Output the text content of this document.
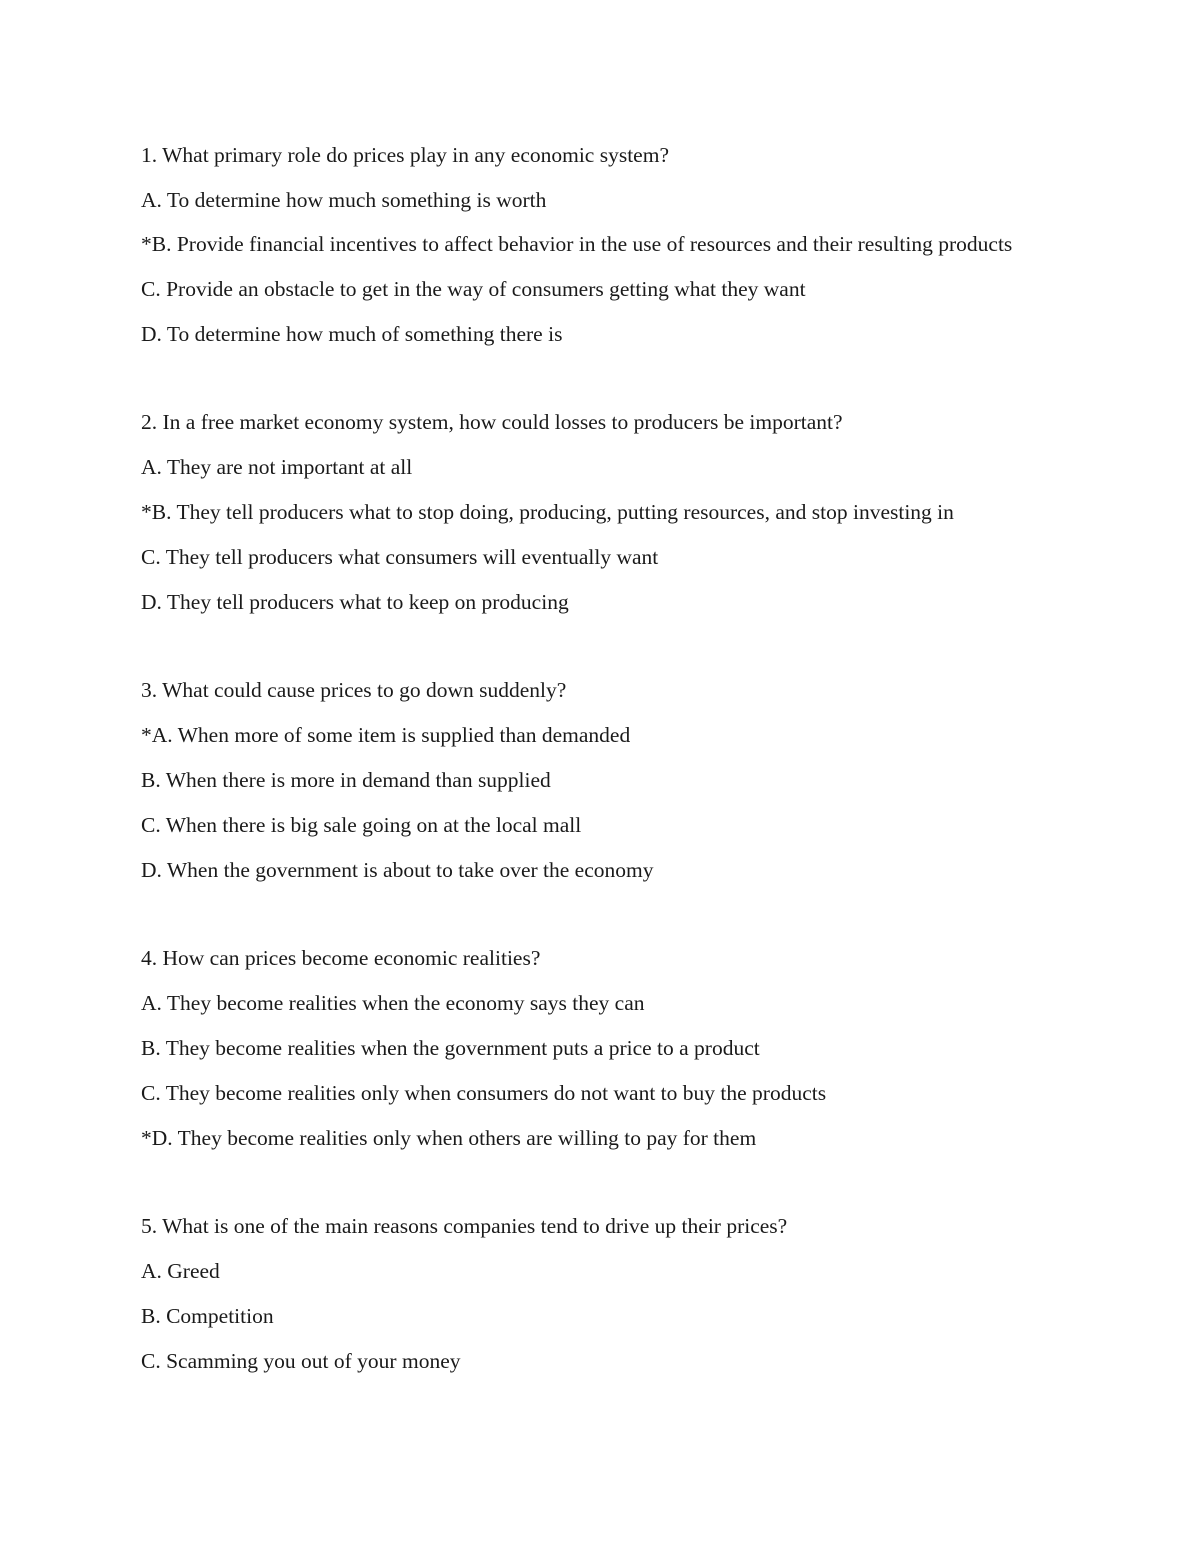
1. What primary role do prices play in any economic system?

A. To determine how much something is worth

*B. Provide financial incentives to affect behavior in the use of resources and their resulting products

C. Provide an obstacle to get in the way of consumers getting what they want

D. To determine how much of something there is

2. In a free market economy system, how could losses to producers be important?

A. They are not important at all

*B. They tell producers what to stop doing, producing, putting resources, and stop investing in

C. They tell producers what consumers will eventually want

D. They tell producers what to keep on producing

3. What could cause prices to go down suddenly?

*A. When more of some item is supplied than demanded

B. When there is more in demand than supplied

C. When there is big sale going on at the local mall

D. When the government is about to take over the economy

4. How can prices become economic realities?

A. They become realities when the economy says they can

B. They become realities when the government puts a price to a product

C. They become realities only when consumers do not want to buy the products

*D. They become realities only when others are willing to pay for them

5. What is one of the main reasons companies tend to drive up their prices?

A. Greed

B. Competition

C. Scamming you out of your money
